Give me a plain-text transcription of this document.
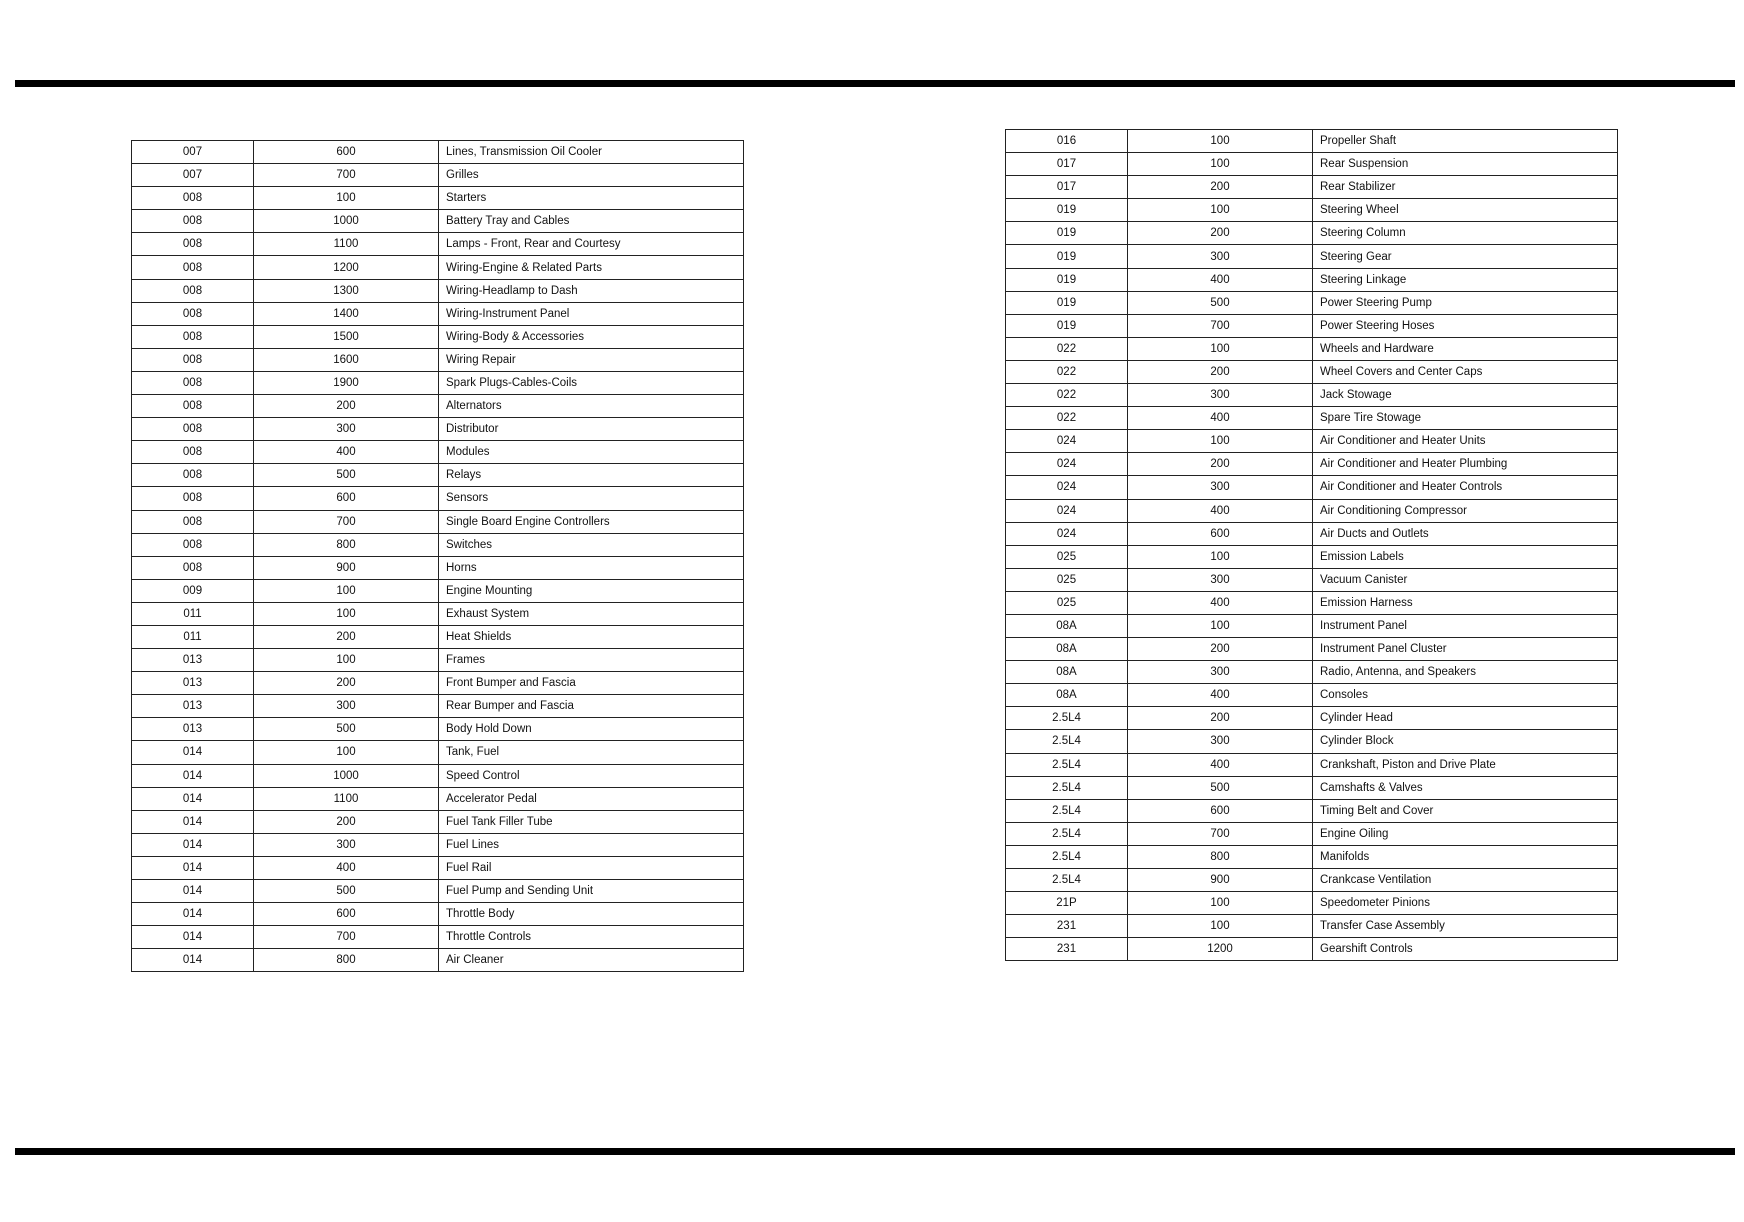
007	600	Lines, Transmission Oil Cooler
007	700	Grilles
008	100	Starters
008	1000	Battery Tray and Cables
008	1100	Lamps - Front, Rear and Courtesy
008	1200	Wiring-Engine & Related Parts
008	1300	Wiring-Headlamp to Dash
008	1400	Wiring-Instrument Panel
008	1500	Wiring-Body & Accessories
008	1600	Wiring Repair
008	1900	Spark Plugs-Cables-Coils
008	200	Alternators
008	300	Distributor
008	400	Modules
008	500	Relays
008	600	Sensors
008	700	Single Board Engine Controllers
008	800	Switches
008	900	Horns
009	100	Engine Mounting
011	100	Exhaust System
011	200	Heat Shields
013	100	Frames
013	200	Front Bumper and Fascia
013	300	Rear Bumper and Fascia
013	500	Body Hold Down
014	100	Tank, Fuel
014	1000	Speed Control
014	1100	Accelerator Pedal
014	200	Fuel Tank Filler Tube
014	300	Fuel Lines
014	400	Fuel Rail
014	500	Fuel Pump and Sending Unit
014	600	Throttle Body
014	700	Throttle Controls
014	800	Air Cleaner
016	100	Propeller Shaft
017	100	Rear Suspension
017	200	Rear Stabilizer
019	100	Steering Wheel
019	200	Steering Column
019	300	Steering Gear
019	400	Steering Linkage
019	500	Power Steering Pump
019	700	Power Steering Hoses
022	100	Wheels and Hardware
022	200	Wheel Covers and Center Caps
022	300	Jack Stowage
022	400	Spare Tire Stowage
024	100	Air Conditioner and Heater Units
024	200	Air Conditioner and Heater Plumbing
024	300	Air Conditioner and Heater Controls
024	400	Air Conditioning Compressor
024	600	Air Ducts and Outlets
025	100	Emission Labels
025	300	Vacuum Canister
025	400	Emission Harness
08A	100	Instrument Panel
08A	200	Instrument Panel Cluster
08A	300	Radio, Antenna, and Speakers
08A	400	Consoles
2.5L4	200	Cylinder Head
2.5L4	300	Cylinder Block
2.5L4	400	Crankshaft, Piston and Drive Plate
2.5L4	500	Camshafts & Valves
2.5L4	600	Timing Belt and Cover
2.5L4	700	Engine Oiling
2.5L4	800	Manifolds
2.5L4	900	Crankcase Ventilation
21P	100	Speedometer Pinions
231	100	Transfer Case Assembly
231	1200	Gearshift Controls
